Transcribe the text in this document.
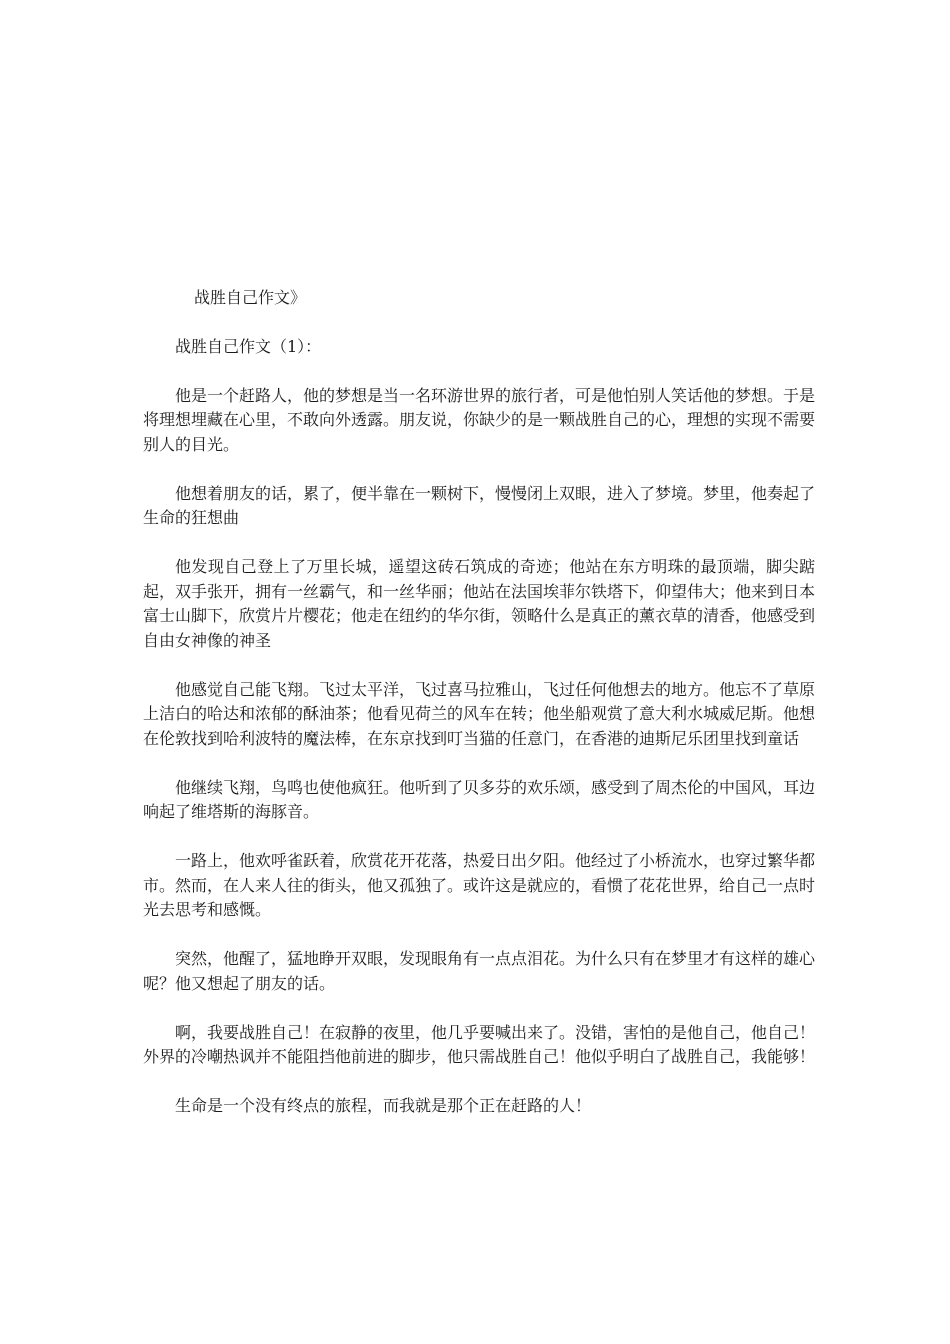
战胜自己作文》

战胜自己作文（1）：

他是一个赶路人，他的梦想是当一名环游世界的旅行者，可是他怕别人笑话他的梦想。于是将理想埋藏在心里，不敢向外透露。朋友说，你缺少的是一颗战胜自己的心，理想的实现不需要别人的目光。

他想着朋友的话，累了，便半靠在一颗树下，慢慢闭上双眼，进入了梦境。梦里，他奏起了生命的狂想曲

他发现自己登上了万里长城，遥望这砖石筑成的奇迹；他站在东方明珠的最顶端，脚尖踮起，双手张开，拥有一丝霸气，和一丝华丽；他站在法国埃菲尔铁塔下，仰望伟大；他来到日本富士山脚下，欣赏片片樱花；他走在纽约的华尔街，领略什么是真正的薰衣草的清香，他感受到自由女神像的神圣

他感觉自己能飞翔。飞过太平洋，飞过喜马拉雅山，飞过任何他想去的地方。他忘不了草原上洁白的哈达和浓郁的酥油茶；他看见荷兰的风车在转；他坐船观赏了意大利水城威尼斯。他想在伦敦找到哈利波特的魔法棒，在东京找到叮当猫的任意门，在香港的迪斯尼乐团里找到童话

他继续飞翔，鸟鸣也使他疯狂。他听到了贝多芬的欢乐颂，感受到了周杰伦的中国风，耳边响起了维塔斯的海豚音。

一路上，他欢呼雀跃着，欣赏花开花落，热爱日出夕阳。他经过了小桥流水，也穿过繁华都市。然而，在人来人往的街头，他又孤独了。或许这是就应的，看惯了花花世界，给自己一点时光去思考和感慨。

突然，他醒了，猛地睁开双眼，发现眼角有一点点泪花。为什么只有在梦里才有这样的雄心呢？他又想起了朋友的话。

啊，我要战胜自己！在寂静的夜里，他几乎要喊出来了。没错，害怕的是他自己，他自己！外界的冷嘲热讽并不能阻挡他前进的脚步，他只需战胜自己！他似乎明白了战胜自己，我能够！

生命是一个没有终点的旅程，而我就是那个正在赶路的人！
